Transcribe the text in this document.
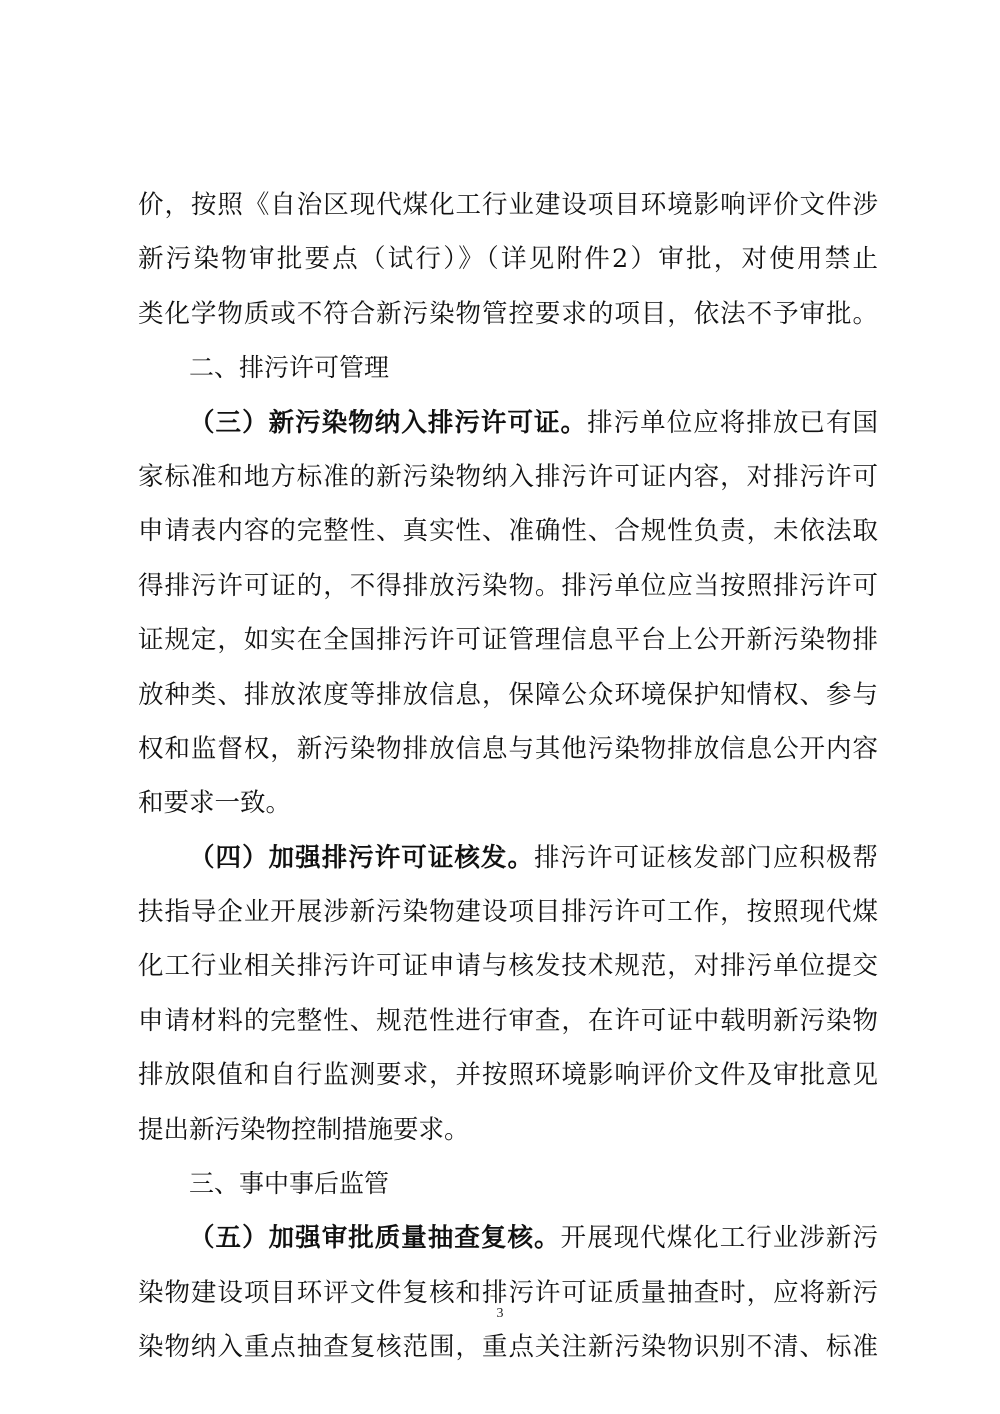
价，按照《自治区现代煤化工行业建设项目环境影响评价文件涉
新污染物审批要点（试行）》（详见附件2）审批，对使用禁止
类化学物质或不符合新污染物管控要求的项目，依法不予审批。
二、排污许可管理
（三）新污染物纳入排污许可证。排污单位应将排放已有国
家标准和地方标准的新污染物纳入排污许可证内容，对排污许可
申请表内容的完整性、真实性、准确性、合规性负责，未依法取
得排污许可证的，不得排放污染物。排污单位应当按照排污许可
证规定，如实在全国排污许可证管理信息平台上公开新污染物排
放种类、排放浓度等排放信息，保障公众环境保护知情权、参与
权和监督权，新污染物排放信息与其他污染物排放信息公开内容
和要求一致。
（四）加强排污许可证核发。排污许可证核发部门应积极帮
扶指导企业开展涉新污染物建设项目排污许可工作，按照现代煤
化工行业相关排污许可证申请与核发技术规范，对排污单位提交
申请材料的完整性、规范性进行审查，在许可证中载明新污染物
排放限值和自行监测要求，并按照环境影响评价文件及审批意见
提出新污染物控制措施要求。
三、事中事后监管
（五）加强审批质量抽查复核。开展现代煤化工行业涉新污
染物建设项目环评文件复核和排污许可证质量抽查时，应将新污
染物纳入重点抽查复核范围，重点关注新污染物识别不清、标准
3
